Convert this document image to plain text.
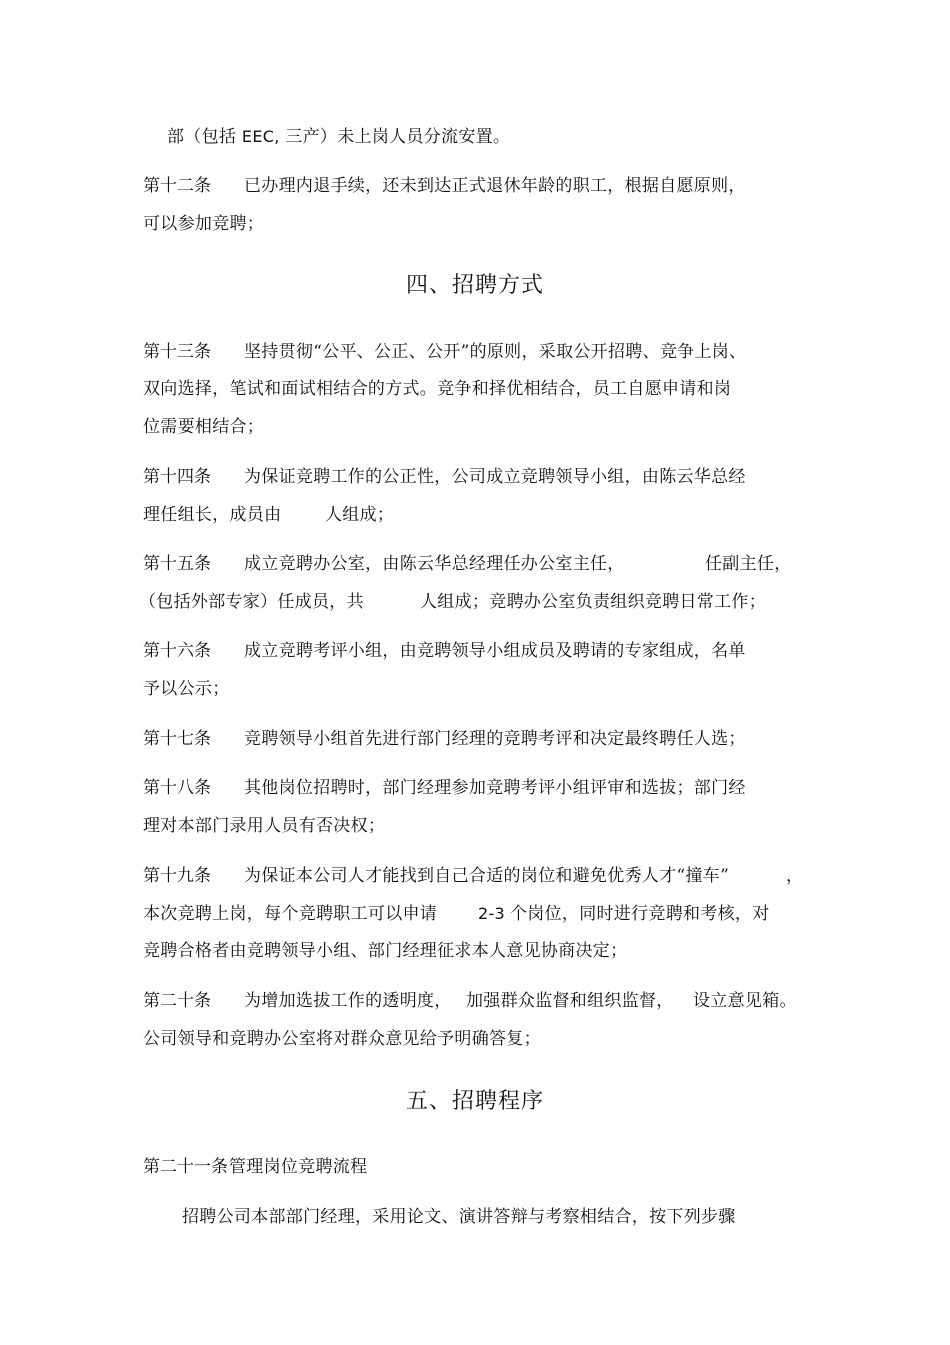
部（包括 EEC, 三产）未上岗人员分流安置。
第十二条 已办理内退手续，还未到达正式退休年龄的职工，根据自愿原则，
可以参加竞聘；
四、招聘方式
第十三条 坚持贯彻“公平、公正、公开”的原则，采取公开招聘、竞争上岗、
双向选择，笔试和面试相结合的方式。竞争和择优相结合，员工自愿申请和岗
位需要相结合；
第十四条 为保证竞聘工作的公正性，公司成立竞聘领导小组，由陈云华总经
理任组长，成员由	人组成；
第十五条 成立竞聘办公室，由陈云华总经理任办公室主任，	任副主任，
（包括外部专家）任成员，共	人组成；竞聘办公室负责组织竞聘日常工作；
第十六条 成立竞聘考评小组，由竞聘领导小组成员及聘请的专家组成，名单
予以公示；
第十七条 竞聘领导小组首先进行部门经理的竞聘考评和决定最终聘任人选；
第十八条 其他岗位招聘时，部门经理参加竞聘考评小组评审和选拔；部门经
理对本部门录用人员有否决权；
第十九条 为保证本公司人才能找到自己合适的岗位和避免优秀人才“撞车”	，
本次竞聘上岗，每个竞聘职工可以申请	2-3 个岗位，同时进行竞聘和考核，对
竞聘合格者由竞聘领导小组、部门经理征求本人意见协商决定；
第二十条 为增加选拔工作的透明度， 加强群众监督和组织监督， 设立意见箱。
公司领导和竞聘办公室将对群众意见给予明确答复；
五、招聘程序
第二十一条 管理岗位竞聘流程
招聘公司本部部门经理，采用论文、演讲答辩与考察相结合，按下列步骤
